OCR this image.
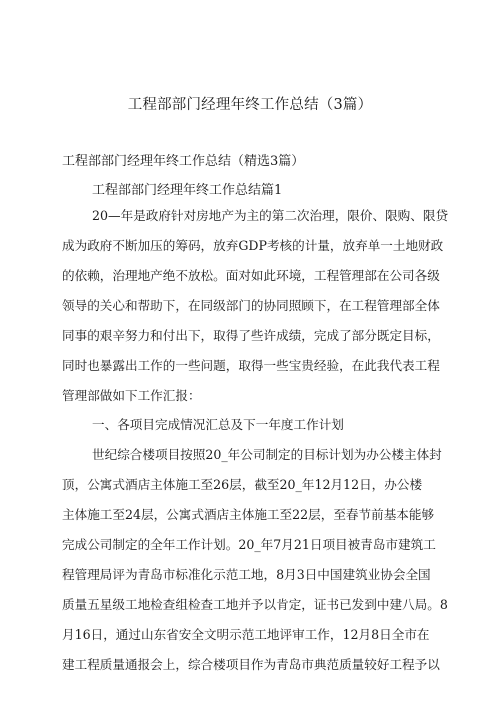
工程部部门经理年终工作总结（3篇）
工程部部门经理年终工作总结（精选3篇）
工程部部门经理年终工作总结篇1
20—年是政府针对房地产为主的第二次治理，限价、限购、限贷
成为政府不断加压的筹码，放弃GDP考核的计量，放弃单一土地财政
的依赖，治理地产绝不放松。面对如此环境，工程管理部在公司各级
领导的关心和帮助下，在同级部门的协同照顾下，在工程管理部全体
同事的艰辛努力和付出下，取得了些许成绩，完成了部分既定目标，
同时也暴露出工作的一些问题，取得一些宝贵经验，在此我代表工程
管理部做如下工作汇报：
一、各项目完成情况汇总及下一年度工作计划
世纪综合楼项目按照20_年公司制定的目标计划为办公楼主体封
顶，公寓式酒店主体施工至26层，截至20_年12月12日，办公楼
主体施工至24层，公寓式酒店主体施工至22层，至春节前基本能够
完成公司制定的全年工作计划。20_年7月21日项目被青岛市建筑工
程管理局评为青岛市标准化示范工地，8月3日中国建筑业协会全国
质量五星级工地检查组检查工地并予以肯定，证书已发到中建八局。8
月16日，通过山东省安全文明示范工地评审工作，12月8日全市在
建工程质量通报会上，综合楼项目作为青岛市典范质量较好工程予以
